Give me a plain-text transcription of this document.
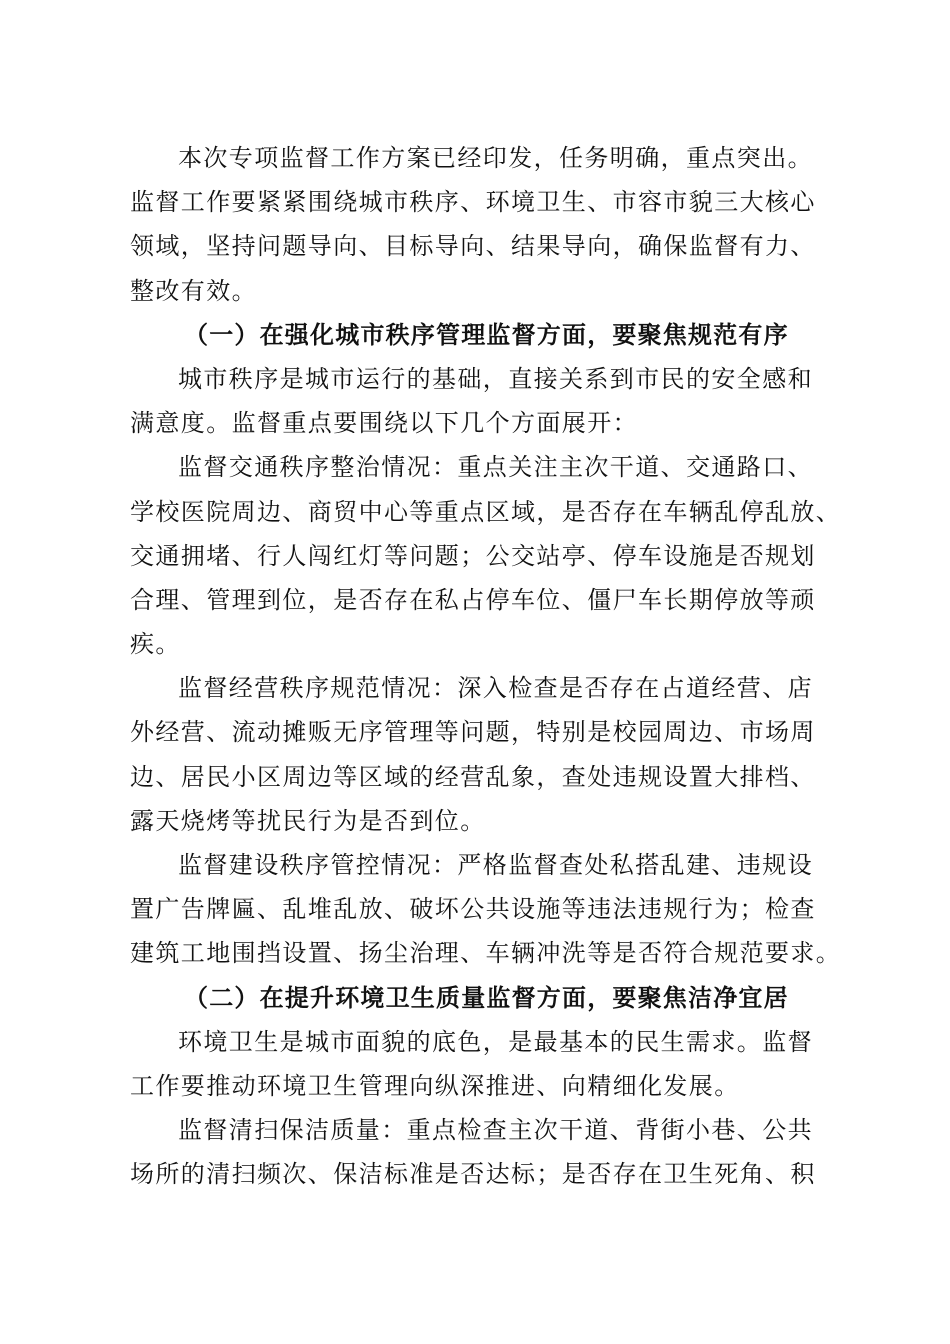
本次专项监督工作方案已经印发，任务明确，重点突出。
监督工作要紧紧围绕城市秩序、环境卫生、市容市貌三大核心
领域，坚持问题导向、目标导向、结果导向，确保监督有力、
整改有效。
（一）在强化城市秩序管理监督方面，要聚焦规范有序
城市秩序是城市运行的基础，直接关系到市民的安全感和
满意度。监督重点要围绕以下几个方面展开：
监督交通秩序整治情况：重点关注主次干道、交通路口、
学校医院周边、商贸中心等重点区域，是否存在车辆乱停乱放、
交通拥堵、行人闯红灯等问题；公交站亭、停车设施是否规划
合理、管理到位，是否存在私占停车位、僵尸车长期停放等顽
疾。
监督经营秩序规范情况：深入检查是否存在占道经营、店
外经营、流动摊贩无序管理等问题，特别是校园周边、市场周
边、居民小区周边等区域的经营乱象，查处违规设置大排档、
露天烧烤等扰民行为是否到位。
监督建设秩序管控情况：严格监督查处私搭乱建、违规设
置广告牌匾、乱堆乱放、破坏公共设施等违法违规行为；检查
建筑工地围挡设置、扬尘治理、车辆冲洗等是否符合规范要求。
（二）在提升环境卫生质量监督方面，要聚焦洁净宜居
环境卫生是城市面貌的底色，是最基本的民生需求。监督
工作要推动环境卫生管理向纵深推进、向精细化发展。
监督清扫保洁质量：重点检查主次干道、背街小巷、公共
场所的清扫频次、保洁标准是否达标；是否存在卫生死角、积
